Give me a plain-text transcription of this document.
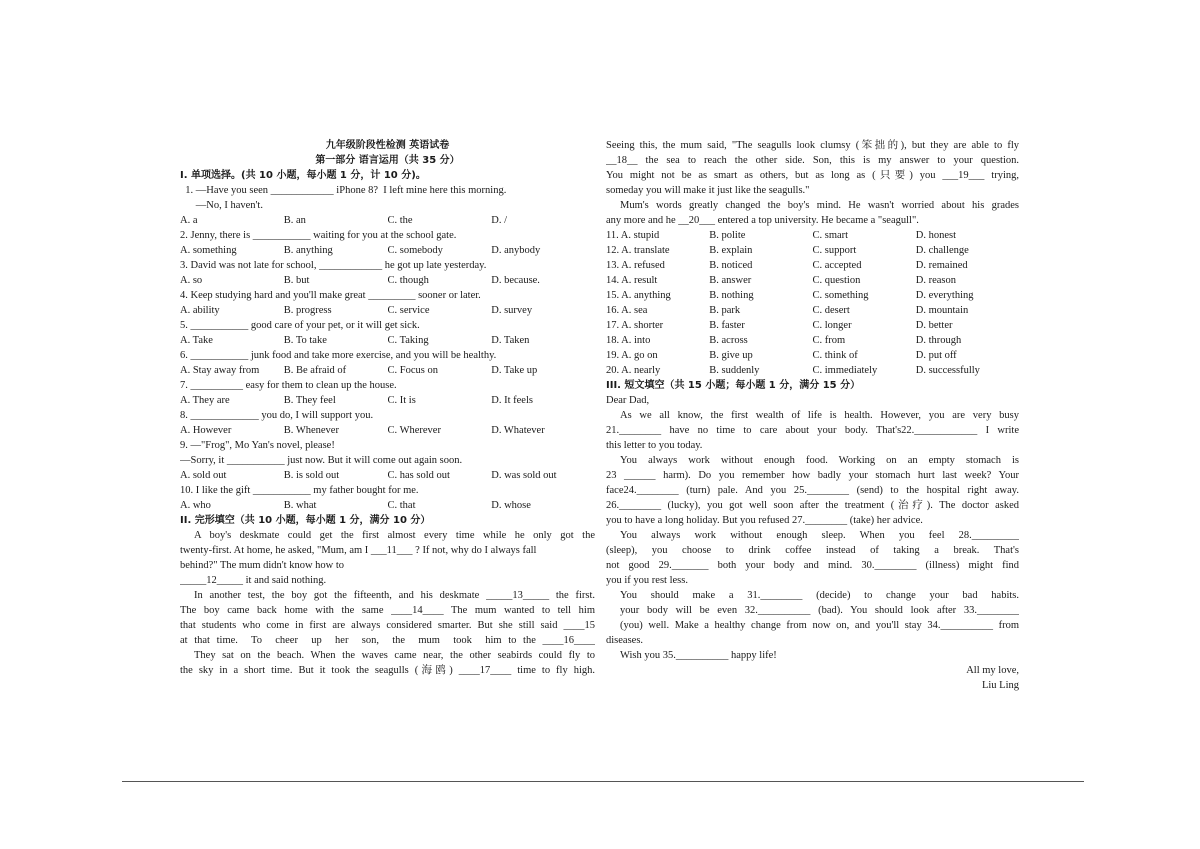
九年级阶段性检测 英语试卷
第一部分 语言运用（共 35 分）
I. 单项选择。(共 10 小题，每小题 1 分，计 10 分)。
1. —Have you seen ____________ iPhone 8?  I left mine here this morning.
—No, I haven't.
A. a	B. an	C. the	D. /
2. Jenny, there is ___________ waiting for you at the school gate.
A. something	B. anything	C. somebody	D. anybody
3. David was not late for school, ____________ he got up late yesterday.
A. so	B. but	C. though	D. because.
4. Keep studying hard and you'll make great _________ sooner or later.
A. ability	B. progress	C. service	D. survey
5. ___________ good care of your pet, or it will get sick.
A. Take	B. To take	C. Taking	D. Taken
6. ___________ junk food and take more exercise, and you will be healthy.
A. Stay away from	B. Be afraid of	C. Focus on	D. Take up
7. __________ easy for them to clean up the house.
A. They are	B. They feel	C. It is	D. It feels
8. _____________ you do, I will support you.
A. However	B. Whenever	C. Wherever	D. Whatever
9. —"Frog", Mo Yan's novel, please!
—Sorry, it ___________ just now. But it will come out again soon.
A. sold out	B. is sold out	C. has sold out	D. was sold out
10. I like the gift ___________ my father bought for me.
A. who	B. what	C. that	D. whose
II. 完形填空（共 10 小题，每小题 1 分，满分 10 分）
A boy's deskmate could get the first almost every time while he only got the
twenty-first. At home, he asked, "Mum, am I ___11___ ? If not, why do I always fall
behind?" The mum didn't know how to
_____12_____ it and said nothing.
In another test, the boy got the fifteenth, and his deskmate _____13_____ the first.
The boy came back home with the same ____14____ The mum wanted to tell him
that students who come in first are always considered smarter. But she still said ____15
at that time.  To  cheer  up  her  son,  the  mum  took  him to the ____16____
They sat on the beach. When the waves came near, the other seabirds could fly to
the sky in a short time. But it took the seagulls (海鸥) ____17____ time to fly high.
Seeing this, the mum said, "The seagulls look clumsy (笨拙的), but they are able to fly
__18__ the sea to reach the other side. Son, this is my answer to your question.
You might not be as smart as others, but as long as (只要) you ___19___ trying,
someday you will make it just like the seagulls."
Mum's words greatly changed the boy's mind. He wasn't worried about his grades
any more and he __20___ entered a top university. He became a "seagull".
11. A. stupid	B. polite	C. smart	D. honest
12. A. translate	B. explain	C. support	D. challenge
13. A. refused	B. noticed	C. accepted	D. remained
14. A. result	B. answer	C. question	D. reason
15. A. anything	B. nothing	C. something	D. everything
16. A. sea	B. park	C. desert	D. mountain
17. A. shorter	B. faster	C. longer	D. better
18. A. into	B. across	C. from	D. through
19. A. go on	B. give up	C. think of	D. put off
20. A. nearly	B. suddenly	C. immediately	D. successfully
III. 短文填空（共 15 小题；每小题 1 分，满分 15 分）
Dear Dad,
As we all know, the first wealth of life is health. However, you are very busy
21.________ have no time to care about your body. That's22.____________ I write
this letter to you today.
You always work without enough food. Working on an empty stomach is
23 ______ harm). Do you remember how badly your stomach hurt last week? Your
face24.________ (turn) pale. And you 25.________ (send) to the hospital right away.
26.________ (lucky), you got well soon after the treatment (治疗). The doctor asked
you to have a long holiday. But you refused 27.________ (take) her advice.
You always work without enough sleep. When you feel 28._________
(sleep), you choose to drink coffee instead of taking a break. That's
not good 29._______ both your body and mind. 30.________ (illness) might find
you if you rest less.
You should make a 31.________ (decide) to change your bad habits.
your body will be even 32.__________ (bad). You should look after 33.________
(you) well. Make a healthy change from now on, and you'll stay 34.__________ from
diseases.
Wish you 35.__________ happy life!
All my love,
Liu Ling
